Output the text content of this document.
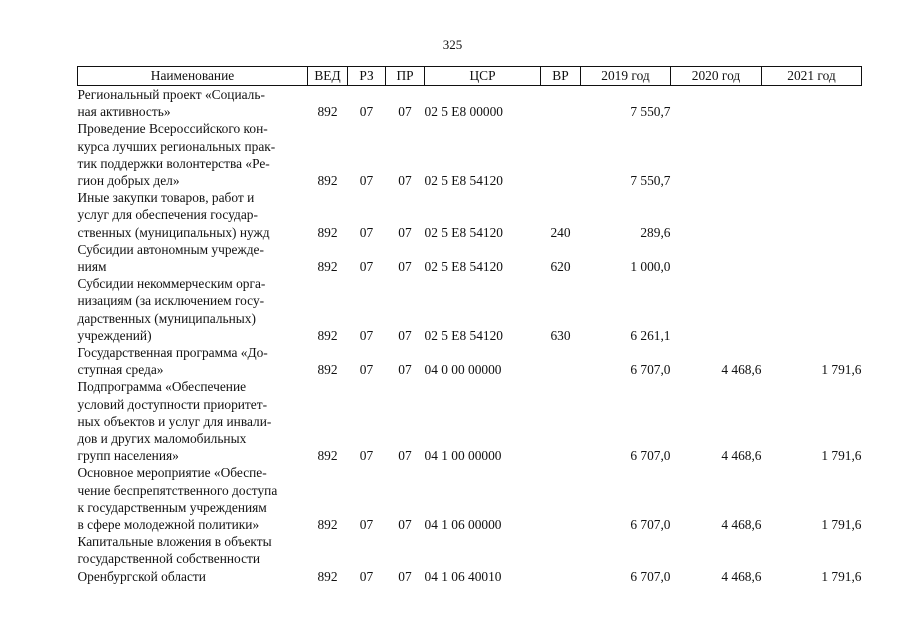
325
Наименование	ВЕД	РЗ	ПР	ЦСР	ВР	2019 год	2020 год	2021 год
Региональный проект «Социаль-
ная активность»	892	07	07	02 5 Е8 00000		7 550,7		
Проведение Всероссийского кон-
курса лучших региональных прак-
тик поддержки волонтерства «Ре-
гион добрых дел»	892	07	07	02 5 Е8 54120		7 550,7		
Иные закупки товаров, работ и
услуг для обеспечения государ-
ственных (муниципальных) нужд	892	07	07	02 5 Е8 54120	240	289,6		
Субсидии автономным учрежде-
ниям	892	07	07	02 5 Е8 54120	620	1 000,0		
Субсидии некоммерческим орга-
низациям (за исключением госу-
дарственных (муниципальных)
учреждений)	892	07	07	02 5 Е8 54120	630	6 261,1		
Государственная программа «До-
ступная среда»	892	07	07	04 0 00 00000		6 707,0	4 468,6	1 791,6
Подпрограмма «Обеспечение
условий доступности приоритет-
ных объектов и услуг для инвали-
дов и других маломобильных
групп населения»	892	07	07	04 1 00 00000		6 707,0	4 468,6	1 791,6
Основное мероприятие «Обеспе-
чение беспрепятственного доступа
к государственным учреждениям
в сфере молодежной политики»	892	07	07	04 1 06 00000		6 707,0	4 468,6	1 791,6
Капитальные вложения в объекты
государственной собственности
Оренбургской области	892	07	07	04 1 06 40010		6 707,0	4 468,6	1 791,6
